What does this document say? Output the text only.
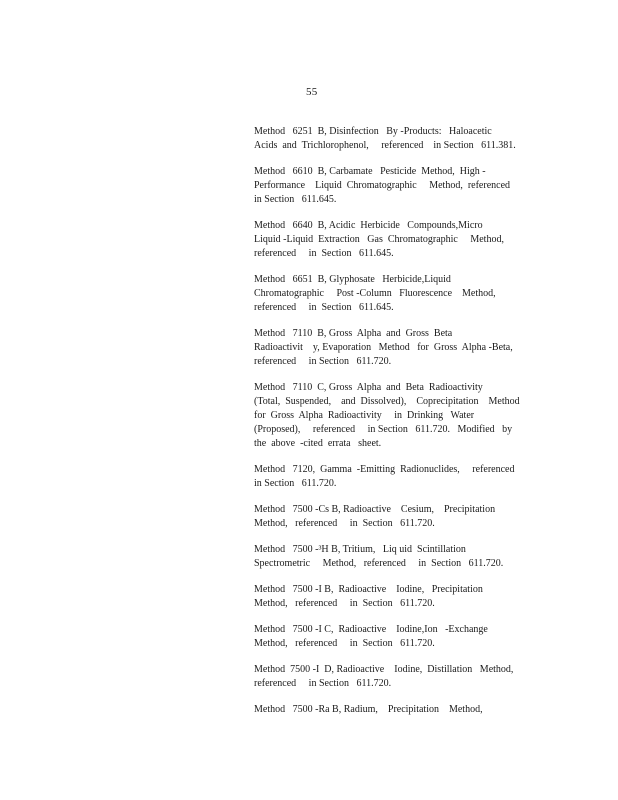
55
Method   6251  B, Disinfection   By -Products:   Haloacetic
Acids  and  Trichlorophenol,     referenced    in Section   611.381.
Method   6610  B, Carbamate   Pesticide  Method,  High -
Performance    Liquid  Chromatographic     Method,  referenced
in Section   611.645.
Method   6640  B, Acidic  Herbicide   Compounds,Micro
Liquid -Liquid  Extraction   Gas  Chromatographic     Method,
referenced     in  Section   611.645.
Method   6651  B, Glyphosate   Herbicide,Liquid
Chromatographic     Post -Column   Fluorescence    Method,
referenced     in  Section   611.645.
Method   7110  B, Gross  Alpha  and  Gross  Beta
Radioactivit    y, Evaporation   Method   for  Gross  Alpha -Beta,
referenced     in Section   611.720.
Method   7110  C, Gross  Alpha  and  Beta  Radioactivity
(Total,  Suspended,    and  Dissolved),    Coprecipitation    Method
for  Gross  Alpha  Radioactivity     in  Drinking   Water
(Proposed),     referenced     in Section   611.720.   Modified   by
the  above  -cited  errata   sheet.
Method   7120,  Gamma  -Emitting  Radionuclides,     referenced
in Section   611.720.
Method   7500 -Cs B, Radioactive    Cesium,    Precipitation
Method,   referenced     in  Section   611.720.
Method   7500 -³H B, Tritium,   Liq uid  Scintillation
Spectrometric     Method,   referenced     in  Section   611.720.
Method   7500 -I B,  Radioactive    Iodine,   Precipitation
Method,   referenced     in  Section   611.720.
Method   7500 -I C,  Radioactive    Iodine,Ion   -Exchange
Method,   referenced     in  Section   611.720.
Method  7500 -I  D, Radioactive    Iodine,  Distillation   Method,
referenced     in Section   611.720.
Method   7500 -Ra B, Radium,    Precipitation    Method,
